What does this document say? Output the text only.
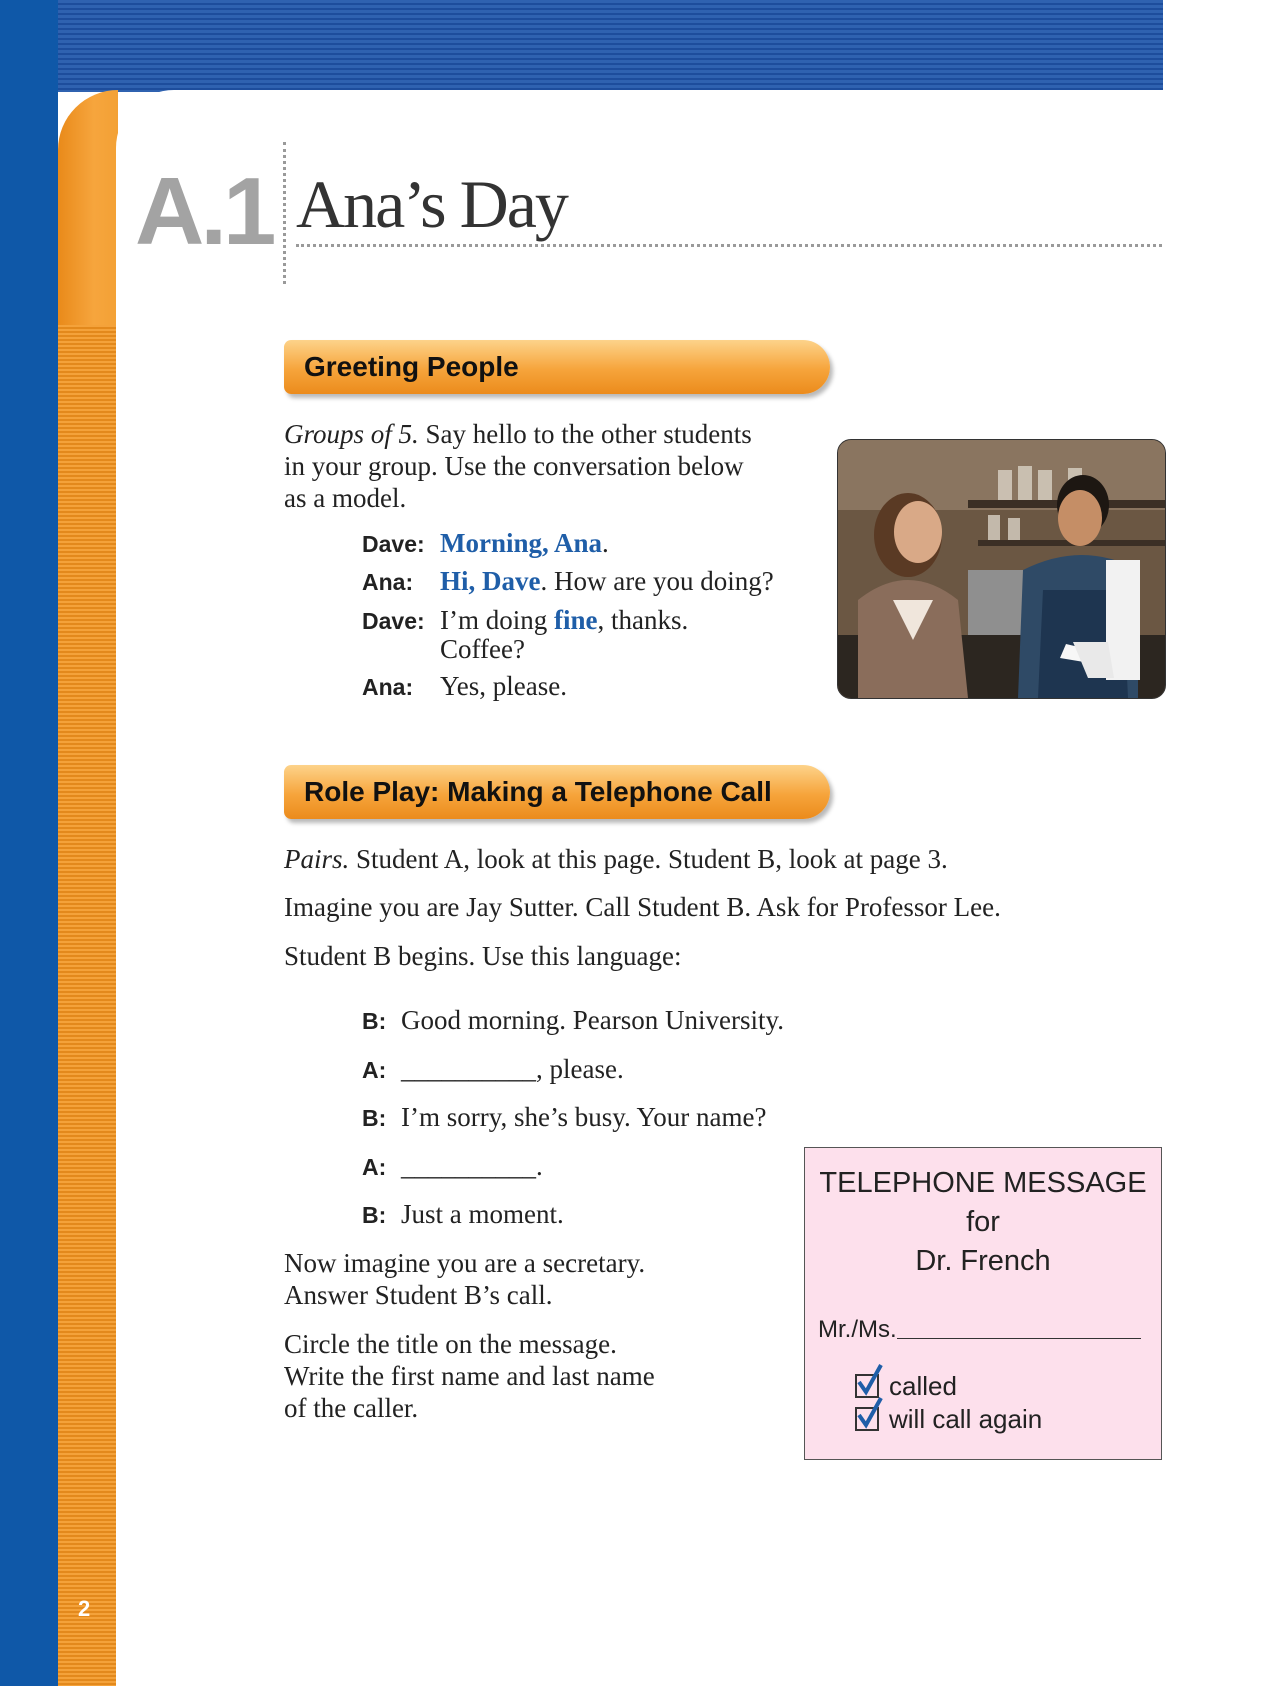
2
A.1 Ana’s Day
Greeting People
Groups of 5. Say hello to the other students
in your group. Use the conversation below
as a model.
Dave: Morning, Ana.
Ana: Hi, Dave. How are you doing?
Dave: I’m doing fine, thanks.
Coffee?
Ana: Yes, please.
Role Play: Making a Telephone Call
Pairs. Student A, look at this page. Student B, look at page 3.
Imagine you are Jay Sutter. Call Student B. Ask for Professor Lee.
Student B begins. Use this language:
B: Good morning. Pearson University.
A: __________, please.
B: I’m sorry, she’s busy. Your name?
A: __________.
B: Just a moment.
Now imagine you are a secretary.
Answer Student B’s call.
Circle the title on the message.
Write the first name and last name
of the caller.
TELEPHONE MESSAGE
for
Dr. French
Mr./Ms.
called
will call again
